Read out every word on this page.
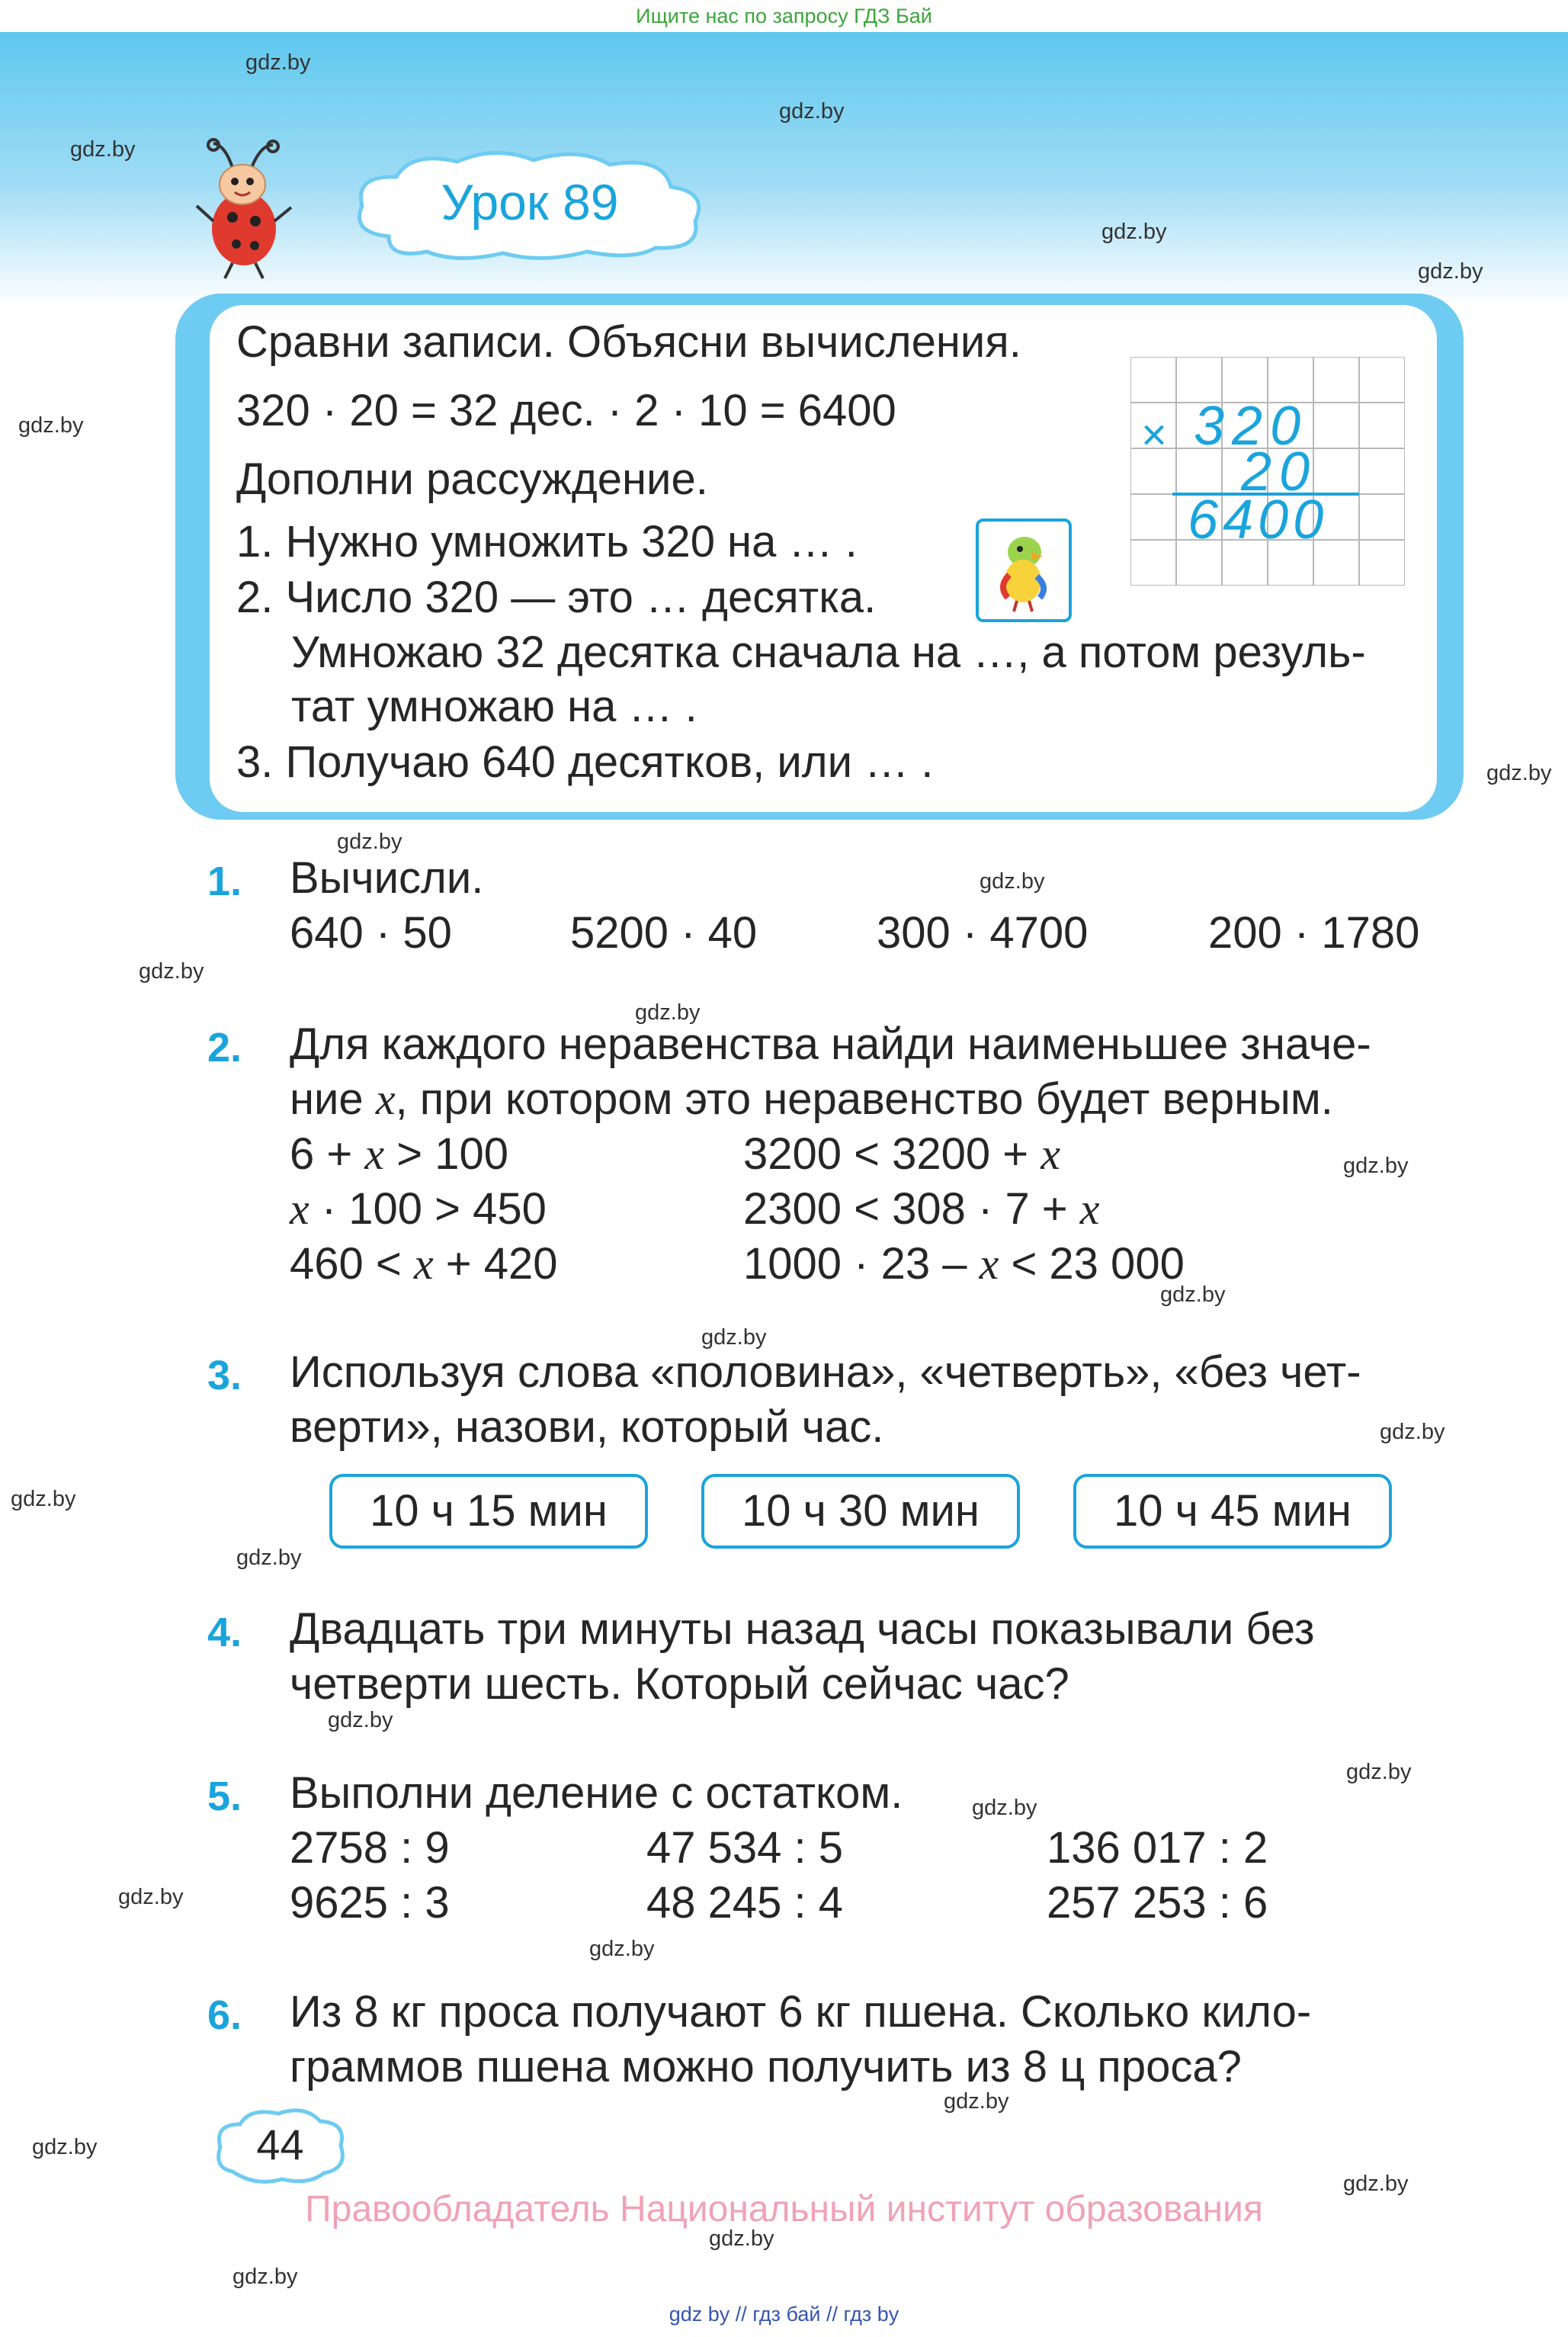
Ищите нас по запросу ГДЗ Бай
Урок 89
gdz.by
gdz.by
gdz.by
gdz.by
gdz.by
gdz.by
gdz.by
gdz.by
gdz.by
gdz.by
gdz.by
gdz.by
gdz.by
gdz.by
gdz.by
gdz.by
gdz.by
gdz.by
gdz.by
gdz.by
gdz.by
gdz.by
gdz.by
gdz.by
gdz.by
gdz.by
gdz.by
Сравни записи. Объясни вычисления.
320 · 20 = 32 дес. · 2 · 10 = 6400
Дополни рассуждение.
1. Нужно умножить 320 на … .
2. Число 320 — это … десятка.
Умножаю 32 десятка сначала на …, а потом резуль-
тат умножаю на … .
3. Получаю 640 десятков, или … .
× 320
20
6400
1. Вычисли.
640 · 50	5200 · 40	300 · 4700	200 · 1780
2. Для каждого неравенства найди наименьшее значе-
ние x, при котором это неравенство будет верным.
6 + x > 100	3200 < 3200 + x
x · 100 > 450	2300 < 308 · 7 + x
460 < x + 420	1000 · 23 – x < 23 000
3. Используя слова «половина», «четверть», «без чет-
верти», назови, который час.
10 ч 15 мин	10 ч 30 мин	10 ч 45 мин
4. Двадцать три минуты назад часы показывали без
четверти шесть. Который сейчас час?
5. Выполни деление с остатком.
2758 : 9	47 534 : 5	136 017 : 2
9625 : 3	48 245 : 4	257 253 : 6
6. Из 8 кг проса получают 6 кг пшена. Сколько кило-
граммов пшена можно получить из 8 ц проса?
44
Правообладатель Национальный институт образования
gdz by // гдз бай // гдз by
